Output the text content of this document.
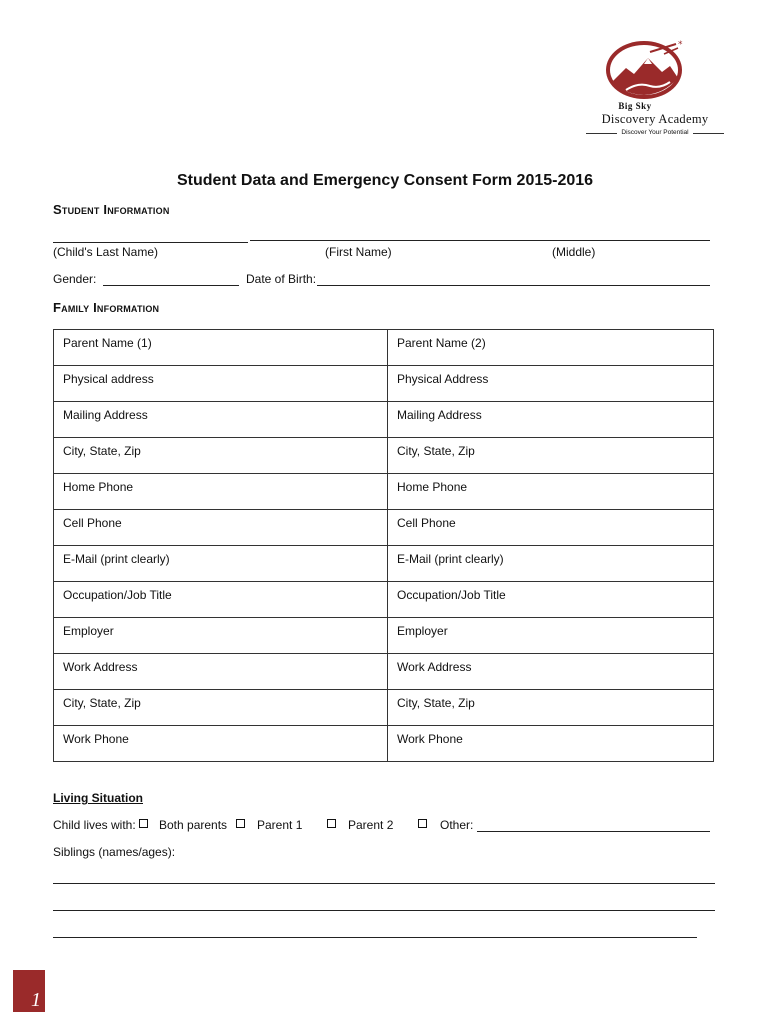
*
Big Sky
Discovery Academy
Discover Your Potential
Student Data and Emergency Consent Form 2015-2016
Student Information
(Child's Last Name)	(First Name)	(Middle)
Gender:	Date of Birth:
Family Information
Parent Name (1)	Parent Name (2)
Physical address	Physical Address
Mailing Address	Mailing Address
City, State, Zip	City, State, Zip
Home Phone	Home Phone
Cell Phone	Cell Phone
E-Mail (print clearly)	E-Mail (print clearly)
Occupation/Job Title	Occupation/Job Title
Employer	Employer
Work Address	Work Address
City, State, Zip	City, State, Zip
Work Phone	Work Phone
Living Situation
Child lives with: Both parents Parent 1	Parent 2	Other:
Siblings (names/ages):
1
